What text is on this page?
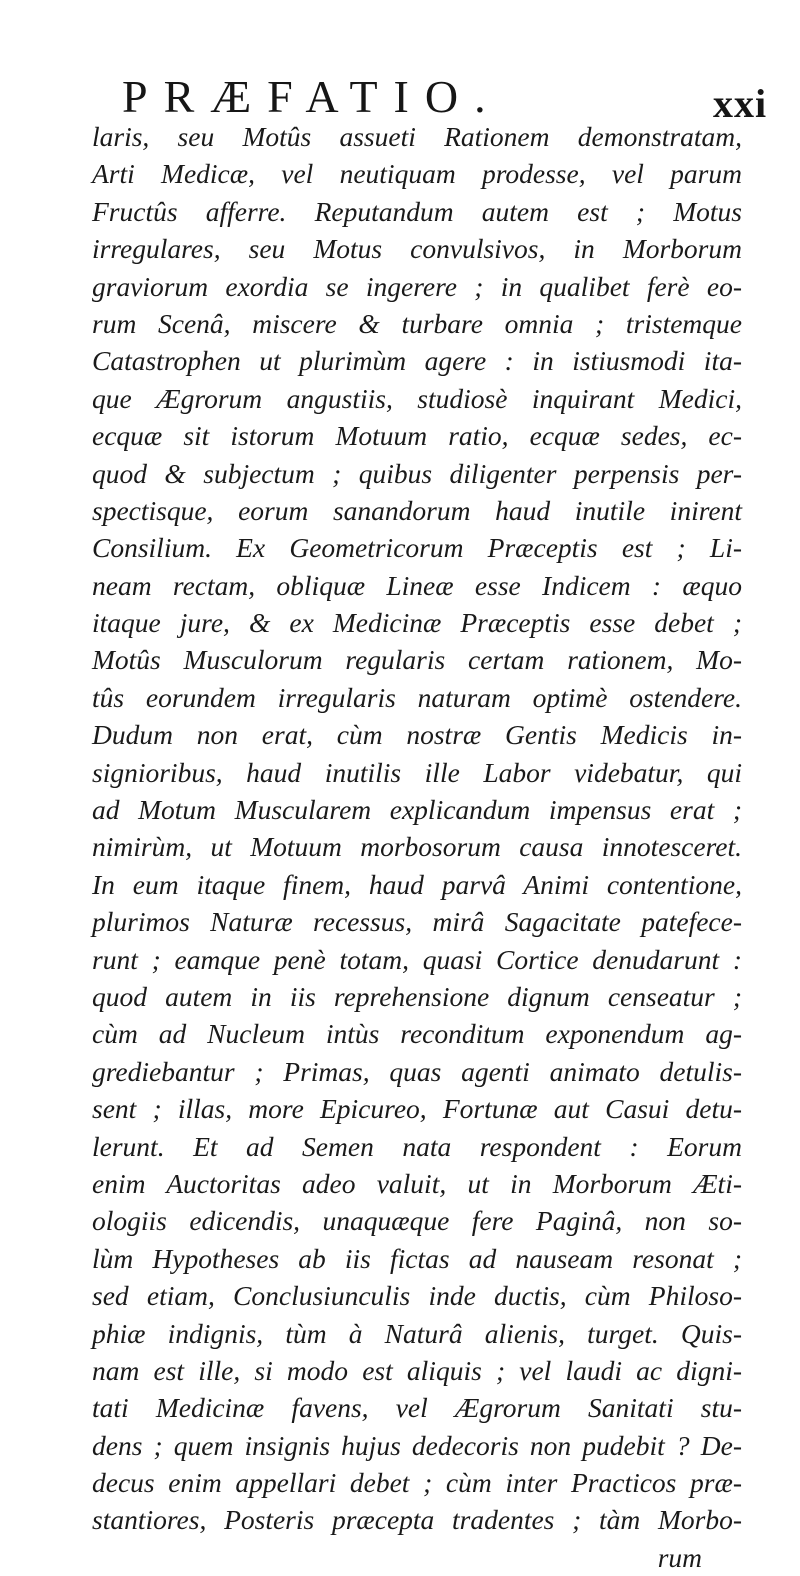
PRÆFATIO.	xxi
laris, seu Motûs assueti Rationem demonstratam,
Arti Medicæ, vel neutiquam prodesse, vel parum
Fructûs afferre. Reputandum autem est ; Motus
irregulares, seu Motus convulsivos, in Morborum
graviorum exordia se ingerere ; in qualibet ferè eo-
rum Scenâ, miscere & turbare omnia ; tristemque
Catastrophen ut plurimùm agere : in istiusmodi ita-
que Ægrorum angustiis, studiosè inquirant Medici,
ecquæ sit istorum Motuum ratio, ecquæ sedes, ec-
quod & subjectum ; quibus diligenter perpensis per-
spectisque, eorum sanandorum haud inutile inirent
Consilium. Ex Geometricorum Præceptis est ; Li-
neam rectam, obliquæ Lineæ esse Indicem : æquo
itaque jure, & ex Medicinæ Præceptis esse debet ;
Motûs Musculorum regularis certam rationem, Mo-
tûs eorundem irregularis naturam optimè ostendere.
Dudum non erat, cùm nostræ Gentis Medicis in-
signioribus, haud inutilis ille Labor videbatur, qui
ad Motum Muscularem explicandum impensus erat ;
nimirùm, ut Motuum morbosorum causa innotesceret.
In eum itaque finem, haud parvâ Animi contentione,
plurimos Naturæ recessus, mirâ Sagacitate patefece-
runt ; eamque penè totam, quasi Cortice denudarunt :
quod autem in iis reprehensione dignum censeatur ;
cùm ad Nucleum intùs reconditum exponendum ag-
grediebantur ; Primas, quas agenti animato detulis-
sent ; illas, more Epicureo, Fortunæ aut Casui detu-
lerunt. Et ad Semen nata respondent : Eorum
enim Auctoritas adeo valuit, ut in Morborum Æti-
ologiis edicendis, unaquæque fere Paginâ, non so-
lùm Hypotheses ab iis fictas ad nauseam resonat ;
sed etiam, Conclusiunculis inde ductis, cùm Philoso-
phiæ indignis, tùm à Naturâ alienis, turget. Quis-
nam est ille, si modo est aliquis ; vel laudi ac digni-
tati Medicinæ favens, vel Ægrorum Sanitati stu-
dens ; quem insignis hujus dedecoris non pudebit ? De-
decus enim appellari debet ; cùm inter Practicos præ-
stantiores, Posteris præcepta tradentes ; tàm Morbo-
rum
